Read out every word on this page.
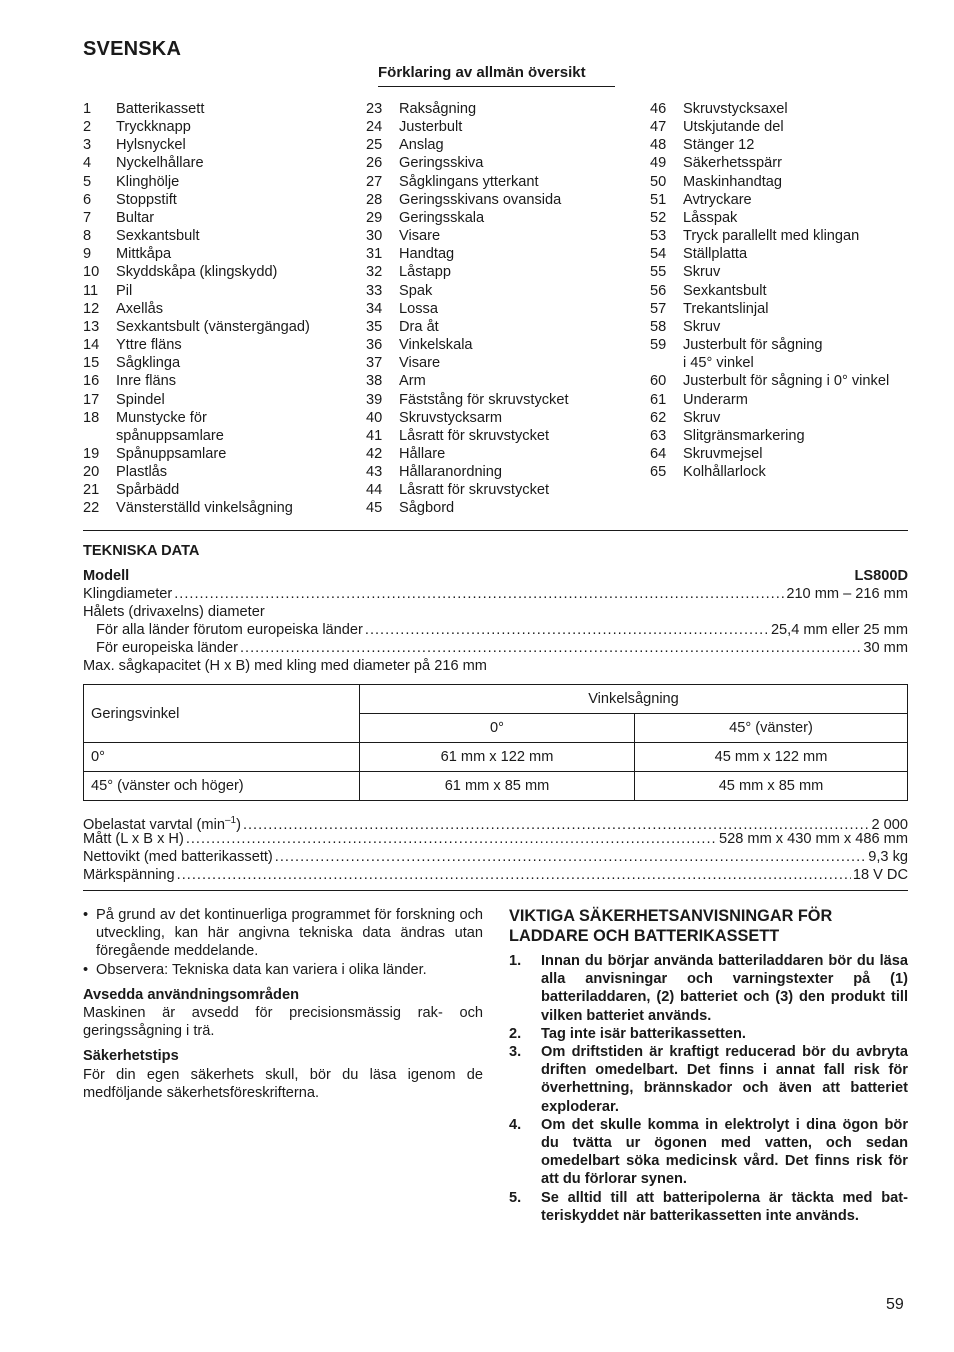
SVENSKA
Förklaring av allmän översikt
1	Batterikassett
2	Tryckknapp
3	Hylsnyckel
4	Nyckelhållare
5	Klinghölje
6	Stoppstift
7	Bultar
8	Sexkantsbult
9	Mittkåpa
10	Skyddskåpa (klingskydd)
11	Pil
12	Axellås
13	Sexkantsbult (vänstergängad)
14	Yttre fläns
15	Sågklinga
16	Inre fläns
17	Spindel
18	Munstycke för
spånuppsamlare
19	Spånuppsamlare
20	Plastlås
21	Spårbädd
22	Vänsterställd vinkelsågning
23	Raksågning
24	Justerbult
25	Anslag
26	Geringsskiva
27	Sågklingans ytterkant
28	Geringsskivans ovansida
29	Geringsskala
30	Visare
31	Handtag
32	Låstapp
33	Spak
34	Lossa
35	Dra åt
36	Vinkelskala
37	Visare
38	Arm
39	Fäststång för skruvstycket
40	Skruvstycksarm
41	Låsratt för skruvstycket
42	Hållare
43	Hållaranordning
44	Låsratt för skruvstycket
45	Sågbord
46	Skruvstycksaxel
47	Utskjutande del
48	Stänger 12
49	Säkerhetsspärr
50	Maskinhandtag
51	Avtryckare
52	Låsspak
53	Tryck parallellt med klingan
54	Ställplatta
55	Skruv
56	Sexkantsbult
57	Trekantslinjal
58	Skruv
59	Justerbult för sågning
i 45° vinkel
60	Justerbult för sågning i 0° vinkel
61	Underarm
62	Skruv
63	Slitgränsmarkering
64	Skruvmejsel
65	Kolhållarlock
TEKNISKA DATA
Modell	LS800D
Klingdiameter .....	210 mm – 216 mm
Hålets (drivaxelns) diameter
För alla länder förutom europeiska länder .....	25,4 mm eller 25 mm
För europeiska länder .....	30 mm
Max. sågkapacitet (H x B) med kling med diameter på 216 mm
Geringsvinkel	Vinkelsågning	
	0°	45° (vänster)
0°	61 mm x 122 mm	45 mm x 122 mm
45° (vänster och höger)	61 mm x 85 mm	45 mm x 85 mm
Obelastat varvtal $(\min^{-1})$ .....	2 000
Mått (L x B x H) .....	528 mm x 430 mm x 486 mm
Nettovikt (med batterikassett) .....	9,3 kg
Märkspänning .....	18 V DC
• På grund av det kontinuerliga programmet för forskning och utveckling, kan här angivna tekniska data ändras utan föregående meddelande.
• Observera: Tekniska data kan variera i olika länder.
Avsedda användningsområden

Maskinen är avsedd för precisionsmässig rak- och geringssågning i trä.

Säkerhetstips

För din egen säkerhets skull, bör du läsa igenom de medföljande säkerhetsföreskrifterna.

VIKTIGA SÄKERHETSANVISNINGAR FÖR LADDARE OCH BATTERIKASSETT
1.	Innan du börjar använda batteriladdaren bör du läsa alla anvisningar och varningstexter på (1) batteriladdaren, (2) batteriet och (3) den produkt till vilken batteriet används.
2.	Tag inte isär batterikassetten.
3.	Om driftstiden är kraftigt reducerad bör du avbryta driften omedelbart. Det finns i annat fall risk för överhettning, brännskador och även att batteriet exploderar.
4.	Om det skulle komma in elektrolyt i dina ögon bör du tvätta ur ögonen med vatten, och sedan omedelbart söka medicinsk vård. Det finns risk för att du förlorar synen.
5.	Se alltid till att batteripolerna är täckta med batteriskyddet när batterikassetten inte används.
59
